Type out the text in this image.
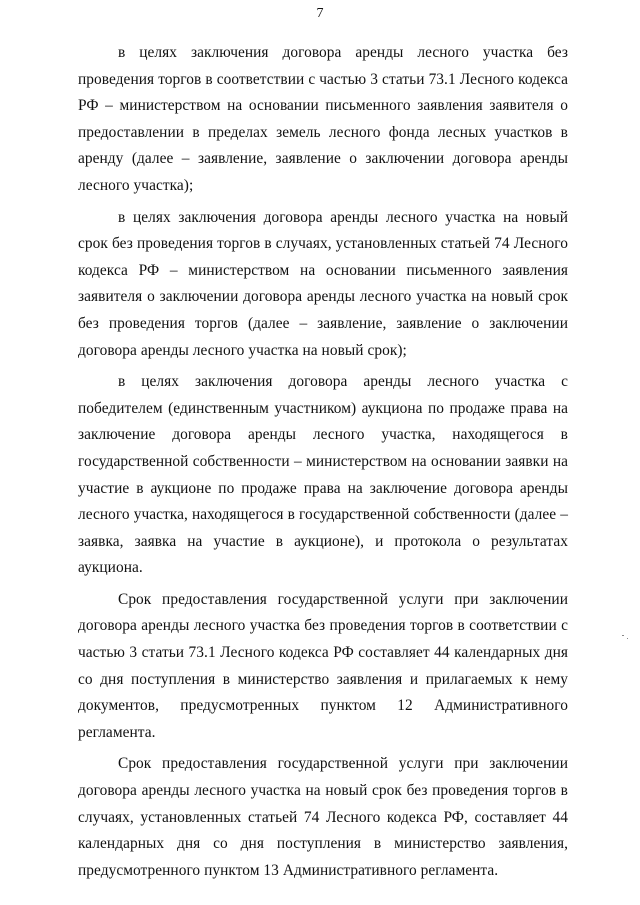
7

в целях заключения договора аренды лесного участка без проведения торгов в соответствии с частью 3 статьи 73.1 Лесного кодекса РФ – министерством на основании письменного заявления заявителя о предоставлении в пределах земель лесного фонда лесных участков в аренду (далее – заявление, заявление о заключении договора аренды лесного участка);

в целях заключения договора аренды лесного участка на новый срок без проведения торгов в случаях, установленных статьей 74 Лесного кодекса РФ – министерством на основании письменного заявления заявителя о заключении договора аренды лесного участка на новый срок без проведения торгов (далее – заявление, заявление о заключении договора аренды лесного участка на новый срок);

в целях заключения договора аренды лесного участка с победителем (единственным участником) аукциона по продаже права на заключение договора аренды лесного участка, находящегося в государственной собственности – министерством на основании заявки на участие в аукционе по продаже права на заключение договора аренды лесного участка, находящегося в государственной собственности (далее – заявка, заявка на участие в аукционе), и протокола о результатах аукциона.

Срок предоставления государственной услуги при заключении договора аренды лесного участка без проведения торгов в соответствии с частью 3 статьи 73.1 Лесного кодекса РФ составляет 44 календарных дня со дня поступления в министерство заявления и прилагаемых к нему документов, предусмотренных пунктом 12 Административного регламента.

Срок предоставления государственной услуги при заключении договора аренды лесного участка на новый срок без проведения торгов в случаях, установленных статьей 74 Лесного кодекса РФ, составляет 44 календарных дня со дня поступления в министерство заявления, предусмотренного пунктом 13 Административного регламента.
